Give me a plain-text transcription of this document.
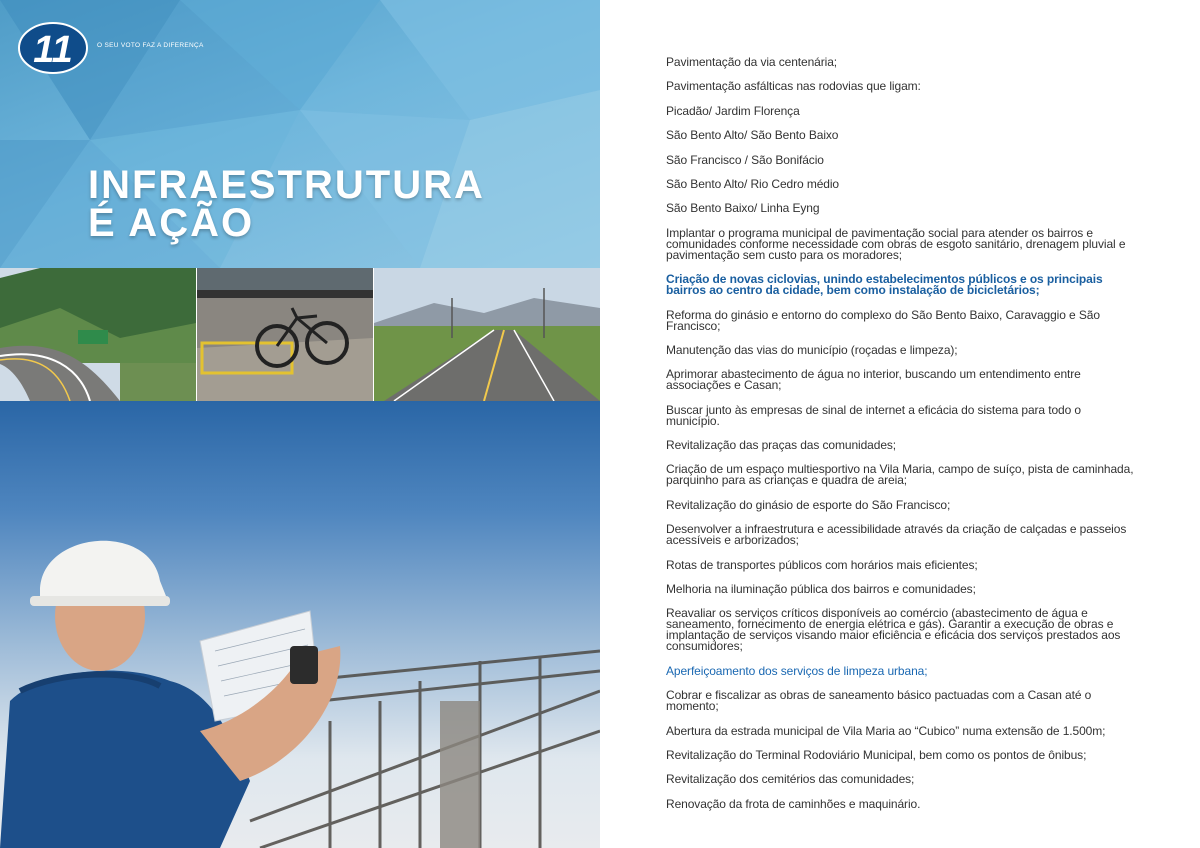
11	O SEU VOTO FAZ A DIFERENÇA
INFRAESTRUTURA
É AÇÃO
Pavimentação da via centenária;
Pavimentação asfálticas nas rodovias que ligam:
Picadão/ Jardim Florença
São Bento Alto/ São Bento Baixo
São Francisco / São Bonifácio
São Bento Alto/ Rio Cedro médio
São Bento Baixo/ Linha Eyng
Implantar o programa municipal de pavimentação social para atender os bairros e comunidades conforme necessidade com obras de esgoto sanitário, drenagem pluvial e pavimentação sem custo para os moradores;
Criação de novas ciclovias, unindo estabelecimentos públicos e os principais bairros ao centro da cidade, bem como instalação de bicicletários;
Reforma do ginásio e entorno do complexo do São Bento Baixo, Caravaggio e São Francisco;
Manutenção das vias do município (roçadas e limpeza);
Aprimorar abastecimento de água no interior, buscando um entendimento entre associações e Casan;
Buscar junto às empresas de sinal de internet a eficácia do sistema para todo o município.
Revitalização das praças das comunidades;
Criação de um espaço multiesportivo na Vila Maria, campo de suíço, pista de caminhada, parquinho para as crianças e quadra de areia;
Revitalização do ginásio de esporte do São Francisco;
Desenvolver a infraestrutura e acessibilidade através da criação de calçadas e passeios acessíveis e arborizados;
Rotas de transportes públicos com horários mais eficientes;
Melhoria na iluminação pública dos bairros e comunidades;
Reavaliar os serviços críticos disponíveis ao comércio (abastecimento de água e saneamento, fornecimento de energia elétrica e gás). Garantir a execução de obras e implantação de serviços visando maior eficiência e eficácia dos serviços prestados aos consumidores;
Aperfeiçoamento dos serviços de limpeza urbana;
Cobrar e fiscalizar as obras de saneamento básico pactuadas com a Casan até o momento;
Abertura da estrada municipal de Vila Maria ao “Cubico” numa extensão de 1.500m;
Revitalização do Terminal Rodoviário Municipal, bem como os pontos de ônibus;
Revitalização dos cemitérios das comunidades;
Renovação da frota de caminhões e maquinário.
